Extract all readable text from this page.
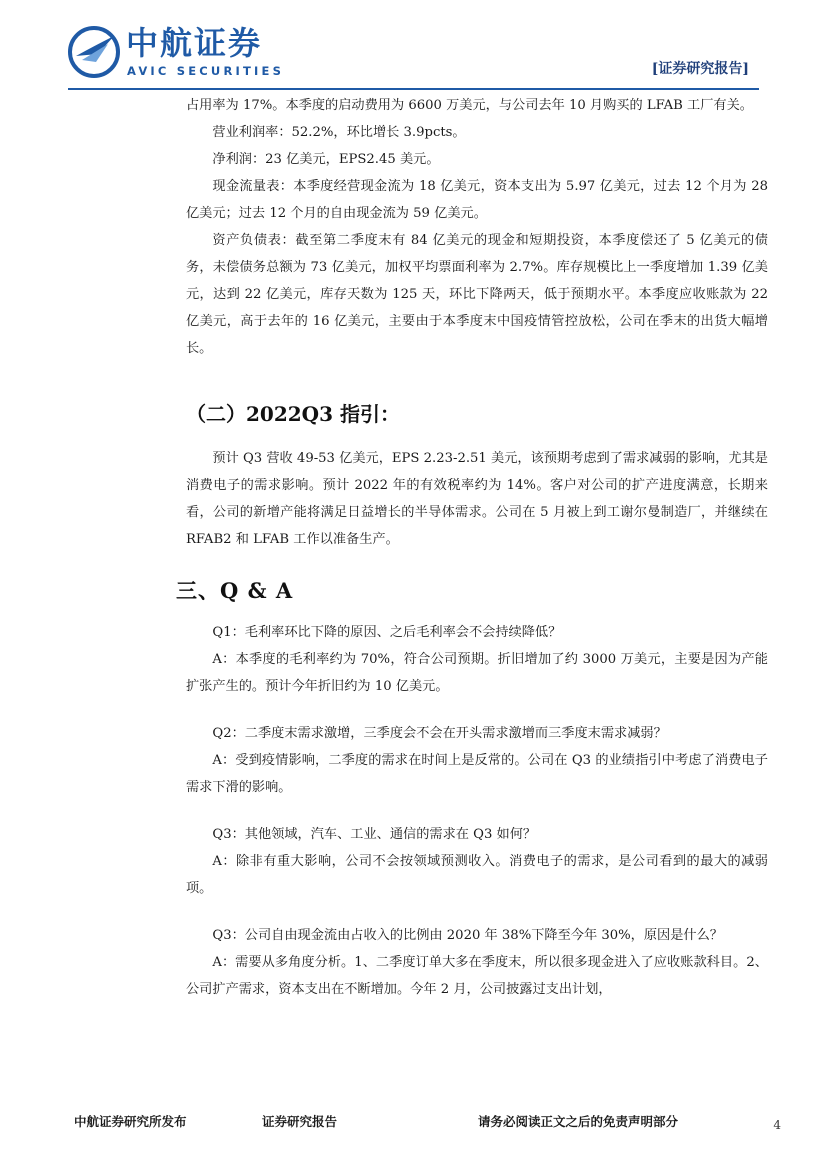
中航证券
AVIC SECURITIES	[证券研究报告]

占用率为 17%。本季度的启动费用为 6600 万美元，与公司去年 10 月购买的 LFAB 工厂有关。

营业利润率：52.2%，环比增长 3.9pcts。

净利润：23 亿美元，EPS2.45 美元。

现金流量表：本季度经营现金流为 18 亿美元，资本支出为 5.97 亿美元，过去 12 个月为 28 亿美元；过去 12 个月的自由现金流为 59 亿美元。

资产负债表：截至第二季度末有 84 亿美元的现金和短期投资，本季度偿还了 5 亿美元的债务，未偿债务总额为 73 亿美元，加权平均票面利率为 2.7%。库存规模比上一季度增加 1.39 亿美元，达到 22 亿美元，库存天数为 125 天，环比下降两天，低于预期水平。本季度应收账款为 22 亿美元，高于去年的 16 亿美元，主要由于本季度末中国疫情管控放松，公司在季末的出货大幅增长。

（二）2022Q3 指引：

预计 Q3 营收 49-53 亿美元，EPS 2.23-2.51 美元，该预期考虑到了需求减弱的影响，尤其是消费电子的需求影响。预计 2022 年的有效税率约为 14%。客户对公司的扩产进度满意，长期来看，公司的新增产能将满足日益增长的半导体需求。公司在 5 月被上到工谢尔曼制造厂，并继续在 RFAB2 和 LFAB 工作以准备生产。

三、Q & A

Q1：毛利率环比下降的原因、之后毛利率会不会持续降低？

A：本季度的毛利率约为 70%，符合公司预期。折旧增加了约 3000 万美元，主要是因为产能扩张产生的。预计今年折旧约为 10 亿美元。

Q2：二季度末需求激增，三季度会不会在开头需求激增而三季度末需求减弱？

A：受到疫情影响，二季度的需求在时间上是反常的。公司在 Q3 的业绩指引中考虑了消费电子需求下滑的影响。

Q3：其他领域，汽车、工业、通信的需求在 Q3 如何？

A：除非有重大影响，公司不会按领域预测收入。消费电子的需求，是公司看到的最大的减弱项。

Q3：公司自由现金流由占收入的比例由 2020 年 38%下降至今年 30%，原因是什么？

A：需要从多角度分析。1、二季度订单大多在季度末，所以很多现金进入了应收账款科目。2、公司扩产需求，资本支出在不断增加。今年 2 月，公司披露过支出计划，

中航证券研究所发布	证券研究报告	请务必阅读正文之后的免责声明部分	4
